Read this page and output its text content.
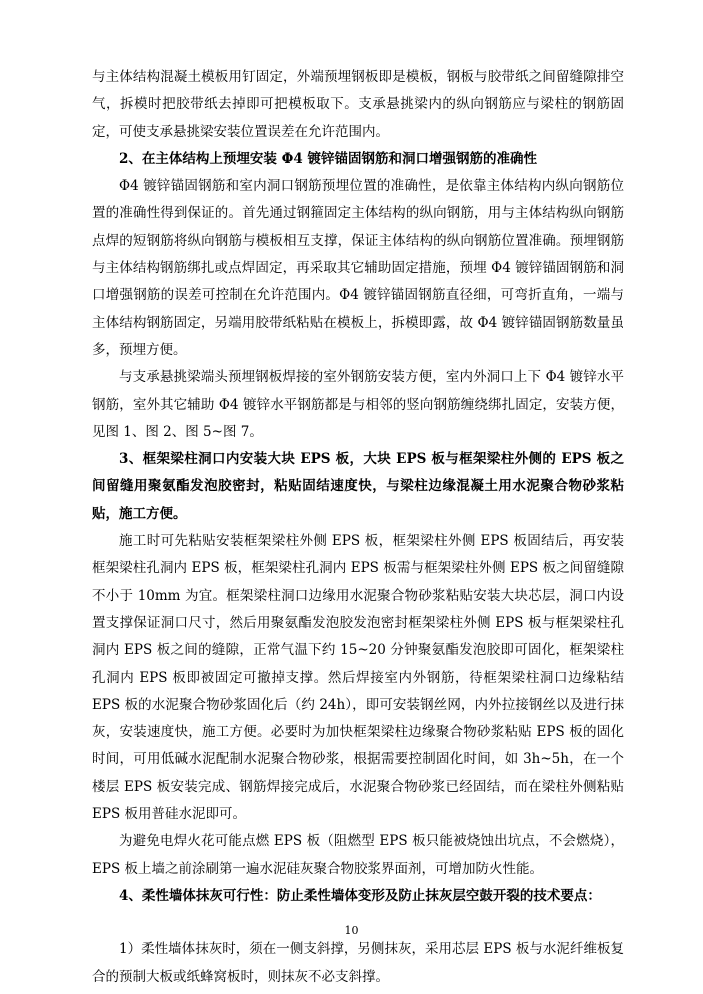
与主体结构混凝土模板用钉固定，外端预埋钢板即是模板，钢板与胶带纸之间留缝隙排空气，拆模时把胶带纸去掉即可把模板取下。支承悬挑梁内的纵向钢筋应与梁柱的钢筋固定，可使支承悬挑梁安装位置误差在允许范围内。

2、在主体结构上预埋安装 Φ4 镀锌锚固钢筋和洞口增强钢筋的准确性

Φ4 镀锌锚固钢筋和室内洞口钢筋预埋位置的准确性，是依靠主体结构内纵向钢筋位置的准确性得到保证的。首先通过钢箍固定主体结构的纵向钢筋，用与主体结构纵向钢筋点焊的短钢筋将纵向钢筋与模板相互支撑，保证主体结构的纵向钢筋位置准确。预埋钢筋与主体结构钢筋绑扎或点焊固定，再采取其它辅助固定措施，预埋 Φ4 镀锌锚固钢筋和洞口增强钢筋的误差可控制在允许范围内。Φ4 镀锌锚固钢筋直径细，可弯折直角，一端与主体结构钢筋固定，另端用胶带纸粘贴在模板上，拆模即露，故 Φ4 镀锌锚固钢筋数量虽多，预埋方便。

与支承悬挑梁端头预埋钢板焊接的室外钢筋安装方便，室内外洞口上下 Φ4 镀锌水平钢筋，室外其它辅助 Φ4 镀锌水平钢筋都是与相邻的竖向钢筋缠绕绑扎固定，安装方便，见图 1、图 2、图 5~图 7。

3、框架梁柱洞口内安装大块 EPS 板，大块 EPS 板与框架梁柱外侧的 EPS 板之间留缝用聚氨酯发泡胶密封，粘贴固结速度快，与梁柱边缘混凝土用水泥聚合物砂浆粘贴，施工方便。

施工时可先粘贴安装框架梁柱外侧 EPS 板，框架梁柱外侧 EPS 板固结后，再安装框架梁柱孔洞内 EPS 板，框架梁柱孔洞内 EPS 板需与框架梁柱外侧 EPS 板之间留缝隙不小于 10mm 为宜。框架梁柱洞口边缘用水泥聚合物砂浆粘贴安装大块芯层，洞口内设置支撑保证洞口尺寸，然后用聚氨酯发泡胶发泡密封框架梁柱外侧 EPS 板与框架梁柱孔洞内 EPS 板之间的缝隙，正常气温下约 15~20 分钟聚氨酯发泡胶即可固化，框架梁柱孔洞内 EPS 板即被固定可撤掉支撑。然后焊接室内外钢筋，待框架梁柱洞口边缘粘结 EPS 板的水泥聚合物砂浆固化后（约 24h），即可安装钢丝网，内外拉接钢丝以及进行抹灰，安装速度快，施工方便。必要时为加快框架梁柱边缘聚合物砂浆粘贴 EPS 板的固化时间，可用低碱水泥配制水泥聚合物砂浆，根据需要控制固化时间，如 3h~5h，在一个楼层 EPS 板安装完成、钢筋焊接完成后，水泥聚合物砂浆已经固结，而在梁柱外侧粘贴 EPS 板用普硅水泥即可。

为避免电焊火花可能点燃 EPS 板（阻燃型 EPS 板只能被烧蚀出坑点，不会燃烧），EPS 板上墙之前涂刷第一遍水泥硅灰聚合物胶浆界面剂，可增加防火性能。

4、柔性墙体抹灰可行性：防止柔性墙体变形及防止抹灰层空鼓开裂的技术要点：

1）柔性墙体抹灰时，须在一侧支斜撑，另侧抹灰，采用芯层 EPS 板与水泥纤维板复合的预制大板或纸蜂窝板时，则抹灰不必支斜撑。

10
